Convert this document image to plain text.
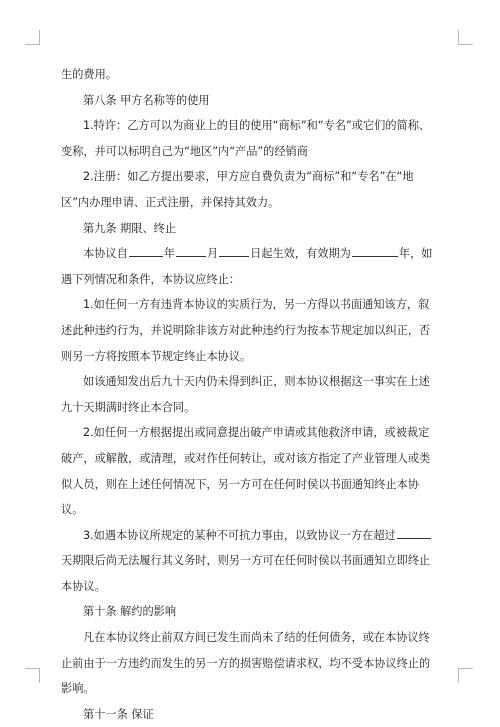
生的费用。

第八条 甲方名称等的使用

1.特许：乙方可以为商业上的目的使用“商标”和“专名”或它们的简称、变称，并可以标明自己为“地区”内“产品”的经销商

2.注册：如乙方提出要求，甲方应自费负责为“商标”和“专名”在“地区”内办理申请、正式注册，并保持其效力。

第九条 期限、终止

本协议自	年	月	日起生效，有效期为	年，如遇下列情况和条件，本协议应终止：

1.如任何一方有违背本协议的实质行为，另一方得以书面通知该方，叙述此种违约行为，并说明除非该方对此种违约行为按本节规定加以纠正，否则另一方将按照本节规定终止本协议。

如该通知发出后九十天内仍未得到纠正，则本协议根据这一事实在上述九十天期满时终止本合同。

2.如任何一方根据提出或同意提出破产申请或其他救济申请，或被裁定破产，或解散，或清理，或对作任何转让，或对该方指定了产业管理人或类似人员，则在上述任何情况下，另一方可在任何时侯以书面通知终止本协议。

3.如遇本协议所规定的某种不可抗力事由，以致协议一方在超过天期限后尚无法履行其义务时，则另一方可在任何时侯以书面通知立即终止本协议。

第十条 解约的影响

凡在本协议终止前双方间已发生而尚未了结的任何债务，或在本协议终止前由于一方违约而发生的另一方的损害赔偿请求权，均不受本协议终止的影响。

第十一条 保证
